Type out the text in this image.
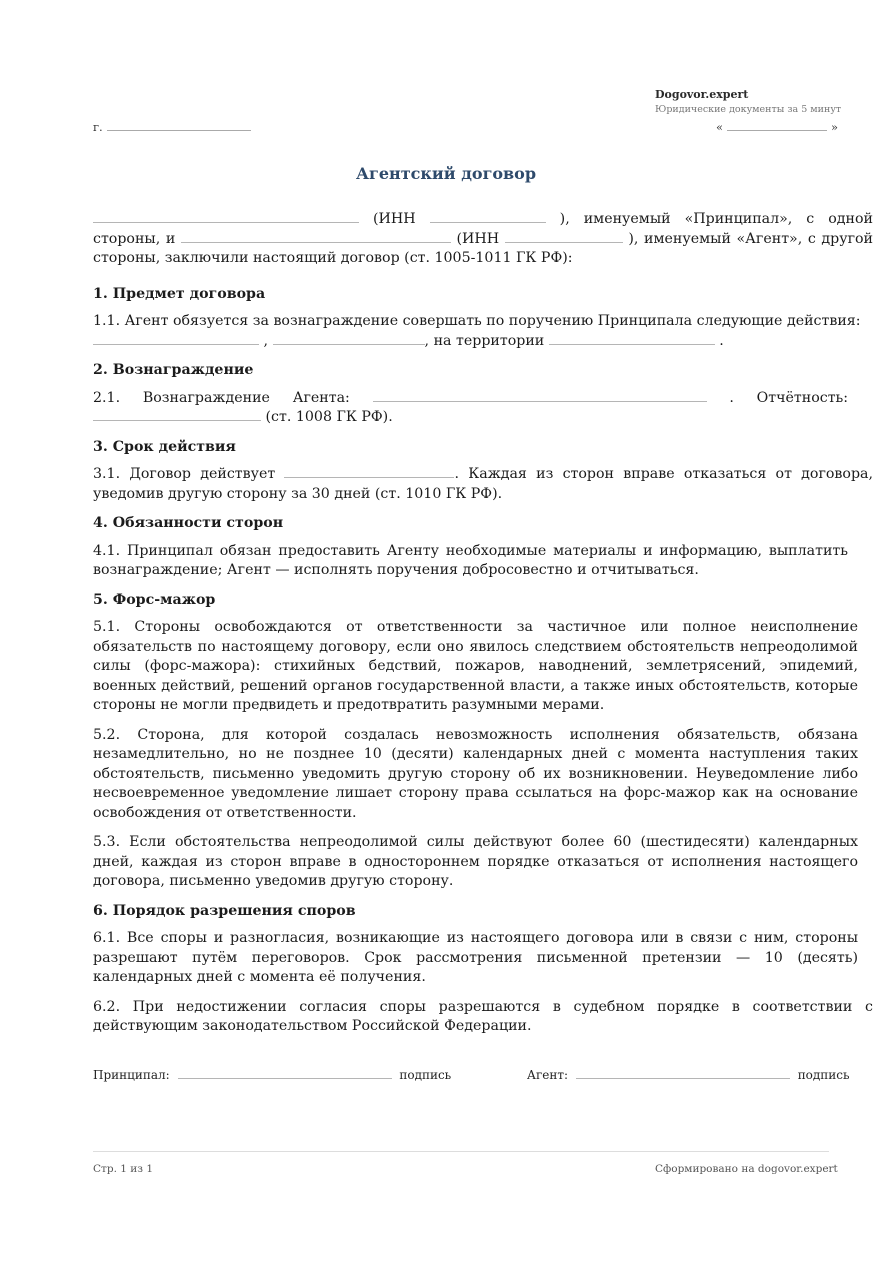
Dogovor.expert
Юридические документы за 5 минут
г.	«	»
Агентский договор
(ИНН	), именуемый «Принципал», с одной
стороны, и	(ИНН	), именуемый «Агент», с другой
стороны, заключили настоящий договор (ст. 1005-1011 ГК РФ):
1. Предмет договора
1.1. Агент обязуется за вознаграждение совершать по поручению Принципала следующие действия:
,	, на территории	.
2. Вознаграждение
2.1. Вознаграждение Агента:	. Отчётность:
(ст. 1008 ГК РФ).
3. Срок действия
3.1. Договор действует	. Каждая из сторон вправе отказаться от договора,
уведомив другую сторону за 30 дней (ст. 1010 ГК РФ).
4. Обязанности сторон
4.1. Принципал обязан предоставить Агенту необходимые материалы и информацию, выплатить вознаграждение; Агент — исполнять поручения добросовестно и отчитываться.
5. Форс-мажор
5.1. Стороны освобождаются от ответственности за частичное или полное неисполнение обязательств по настоящему договору, если оно явилось следствием обстоятельств непреодолимой силы (форс-мажора): стихийных бедствий, пожаров, наводнений, землетрясений, эпидемий, военных действий, решений органов государственной власти, а также иных обстоятельств, которые стороны не могли предвидеть и предотвратить разумными мерами.
5.2. Сторона, для которой создалась невозможность исполнения обязательств, обязана незамедлительно, но не позднее 10 (десяти) календарных дней с момента наступления таких обстоятельств, письменно уведомить другую сторону об их возникновении. Неуведомление либо несвоевременное уведомление лишает сторону права ссылаться на форс-мажор как на основание освобождения от ответственности.
5.3. Если обстоятельства непреодолимой силы действуют более 60 (шестидесяти) календарных дней, каждая из сторон вправе в одностороннем порядке отказаться от исполнения настоящего договора, письменно уведомив другую сторону.
6. Порядок разрешения споров
6.1. Все споры и разногласия, возникающие из настоящего договора или в связи с ним, стороны разрешают путём переговоров. Срок рассмотрения письменной претензии — 10 (десять) календарных дней с момента её получения.
6.2. При недостижении согласия споры разрешаются в судебном порядке в соответствии с действующим законодательством Российской Федерации.
Принципал:	подпись	Агент:	подпись
Стр. 1 из 1	Сформировано на dogovor.expert
